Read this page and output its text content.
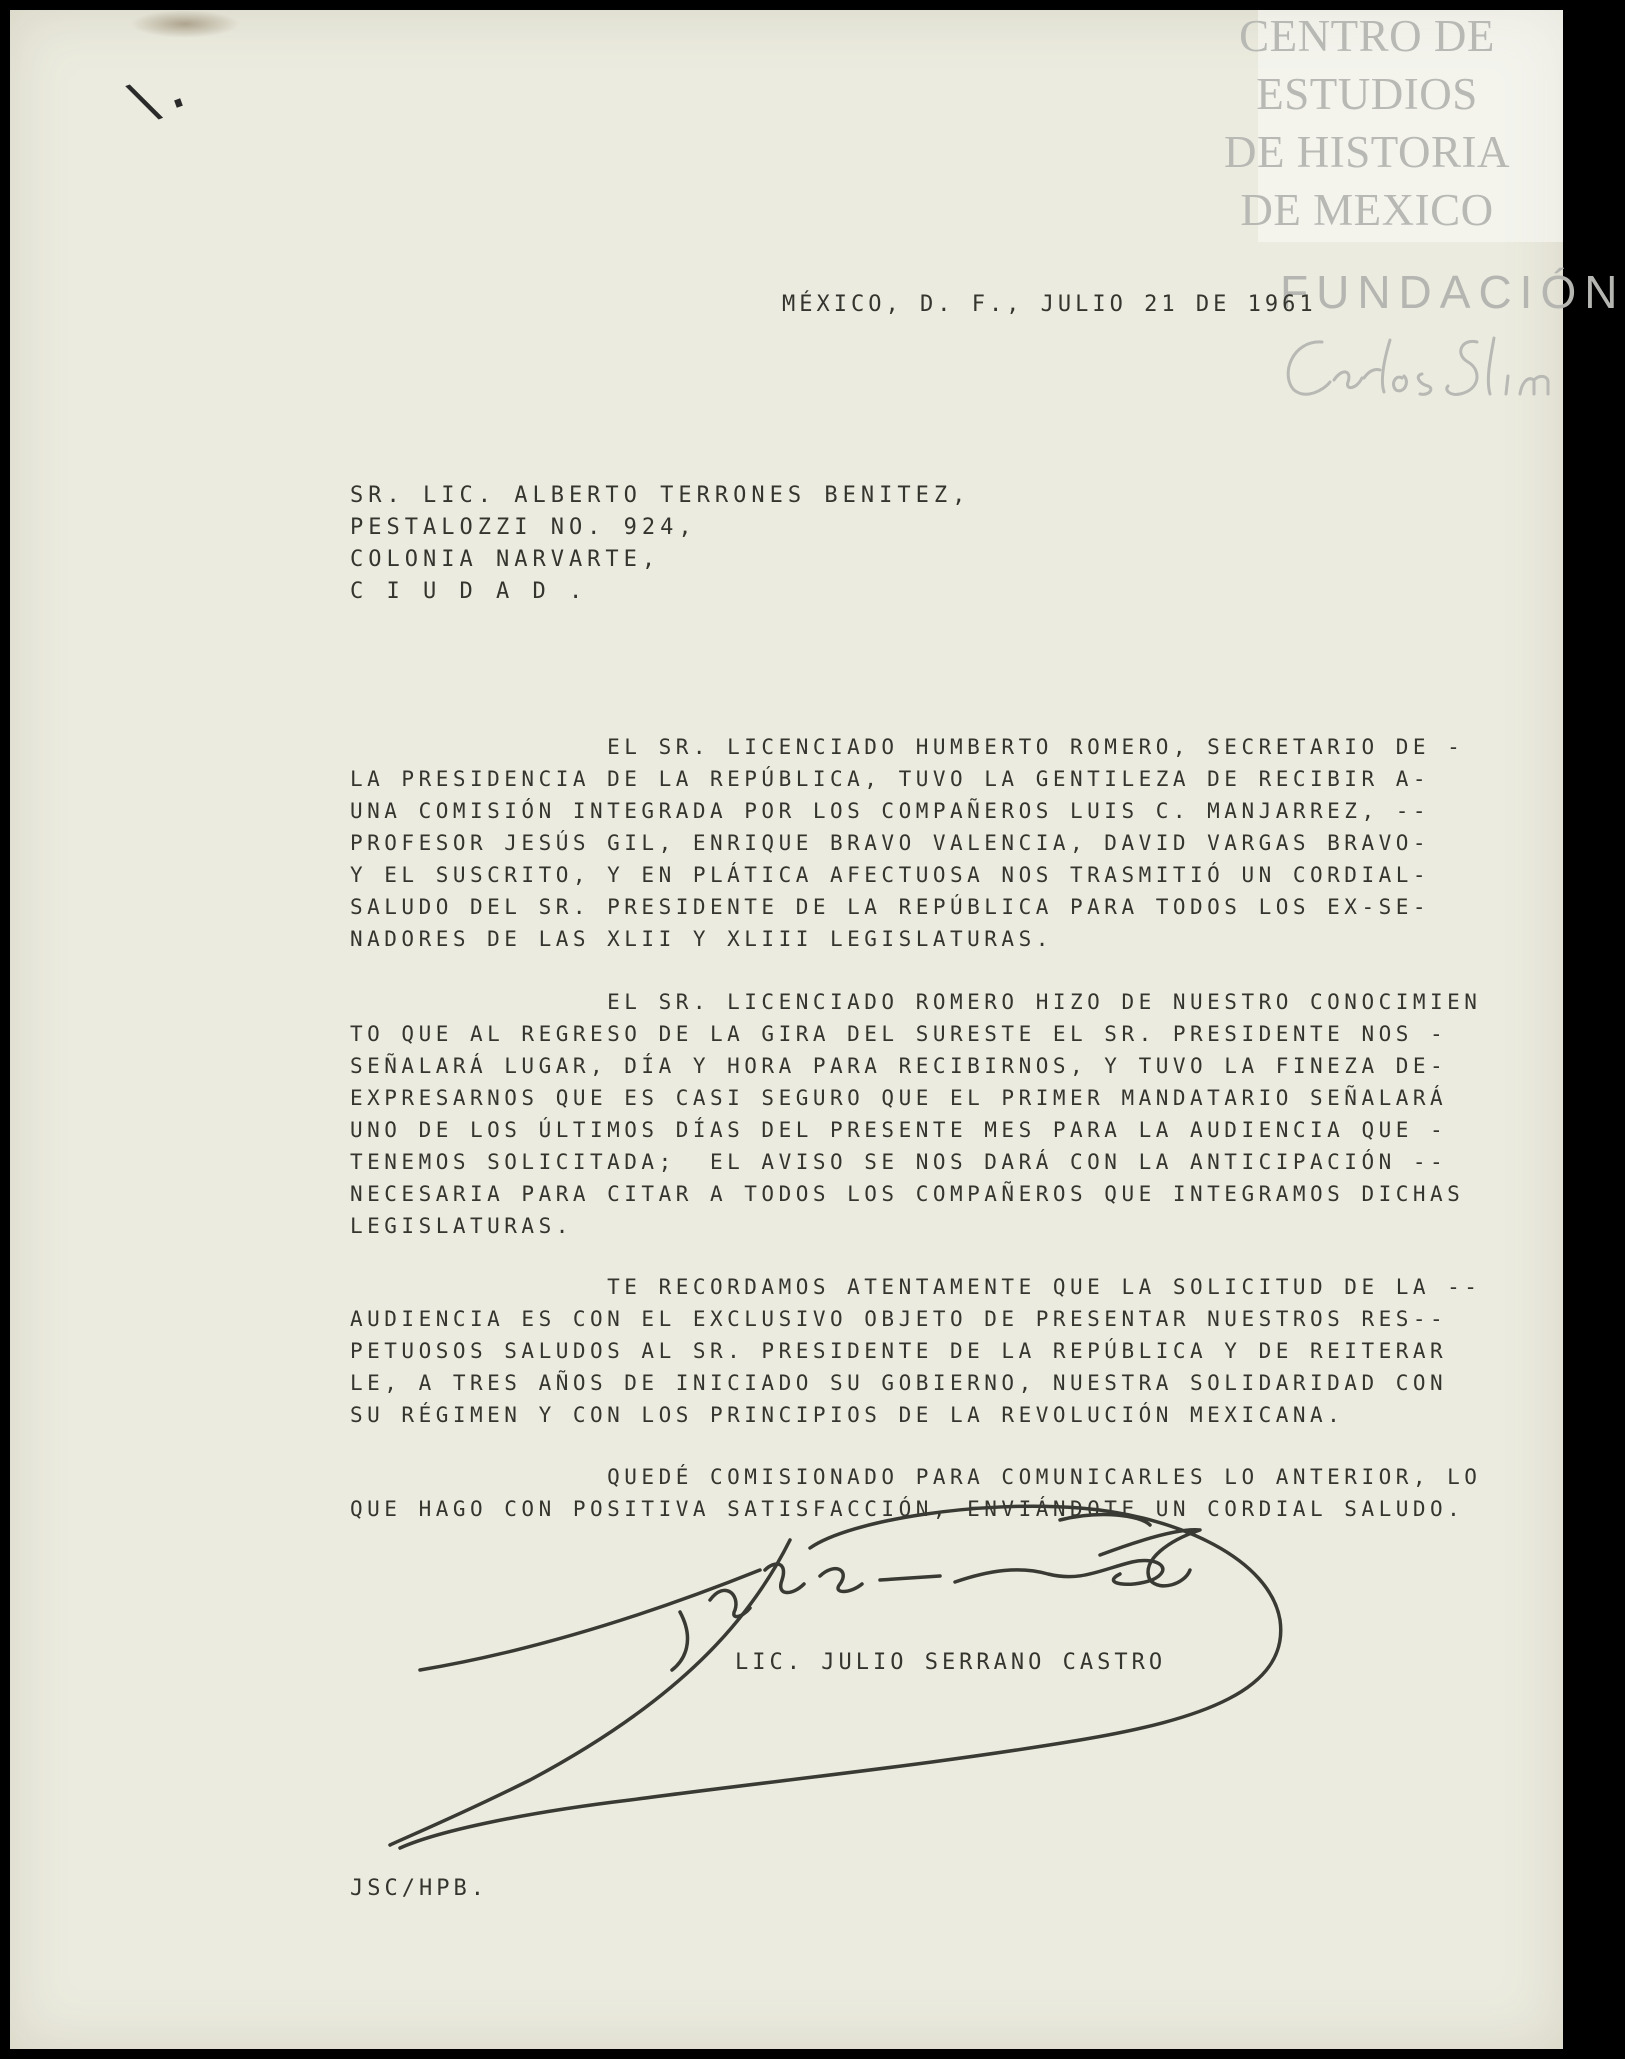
\.
CENTRO DE
ESTUDIOS
DE HISTORIA
DE MEXICO
FUNDACIÓN
MÉXICO, D. F., JULIO 21 DE 1961
SR. LIC. ALBERTO TERRONES BENITEZ,
PESTALOZZI NO. 924,
COLONIA NARVARTE,
C I U D A D .
EL SR. LICENCIADO HUMBERTO ROMERO, SECRETARIO DE -
LA PRESIDENCIA DE LA REPÚBLICA, TUVO LA GENTILEZA DE RECIBIR A-
UNA COMISIÓN INTEGRADA POR LOS COMPAÑEROS LUIS C. MANJARREZ, --
PROFESOR JESÚS GIL, ENRIQUE BRAVO VALENCIA, DAVID VARGAS BRAVO-
Y EL SUSCRITO, Y EN PLÁTICA AFECTUOSA NOS TRASMITIÓ UN CORDIAL-
SALUDO DEL SR. PRESIDENTE DE LA REPÚBLICA PARA TODOS LOS EX-SE-
NADORES DE LAS XLII Y XLIII LEGISLATURAS.
EL SR. LICENCIADO ROMERO HIZO DE NUESTRO CONOCIMIEN
TO QUE AL REGRESO DE LA GIRA DEL SURESTE EL SR. PRESIDENTE NOS -
SEÑALARÁ LUGAR, DÍA Y HORA PARA RECIBIRNOS, Y TUVO LA FINEZA DE-
EXPRESARNOS QUE ES CASI SEGURO QUE EL PRIMER MANDATARIO SEÑALARÁ
UNO DE LOS ÚLTIMOS DÍAS DEL PRESENTE MES PARA LA AUDIENCIA QUE -
TENEMOS SOLICITADA;  EL AVISO SE NOS DARÁ CON LA ANTICIPACIÓN --
NECESARIA PARA CITAR A TODOS LOS COMPAÑEROS QUE INTEGRAMOS DICHAS
LEGISLATURAS.
TE RECORDAMOS ATENTAMENTE QUE LA SOLICITUD DE LA --
AUDIENCIA ES CON EL EXCLUSIVO OBJETO DE PRESENTAR NUESTROS RES--
PETUOSOS SALUDOS AL SR. PRESIDENTE DE LA REPÚBLICA Y DE REITERAR
LE, A TRES AÑOS DE INICIADO SU GOBIERNO, NUESTRA SOLIDARIDAD CON
SU RÉGIMEN Y CON LOS PRINCIPIOS DE LA REVOLUCIÓN MEXICANA.
QUEDÉ COMISIONADO PARA COMUNICARLES LO ANTERIOR, LO
QUE HAGO CON POSITIVA SATISFACCIÓN, ENVIÁNDOTE UN CORDIAL SALUDO.
LIC. JULIO SERRANO CASTRO
JSC/HPB.
